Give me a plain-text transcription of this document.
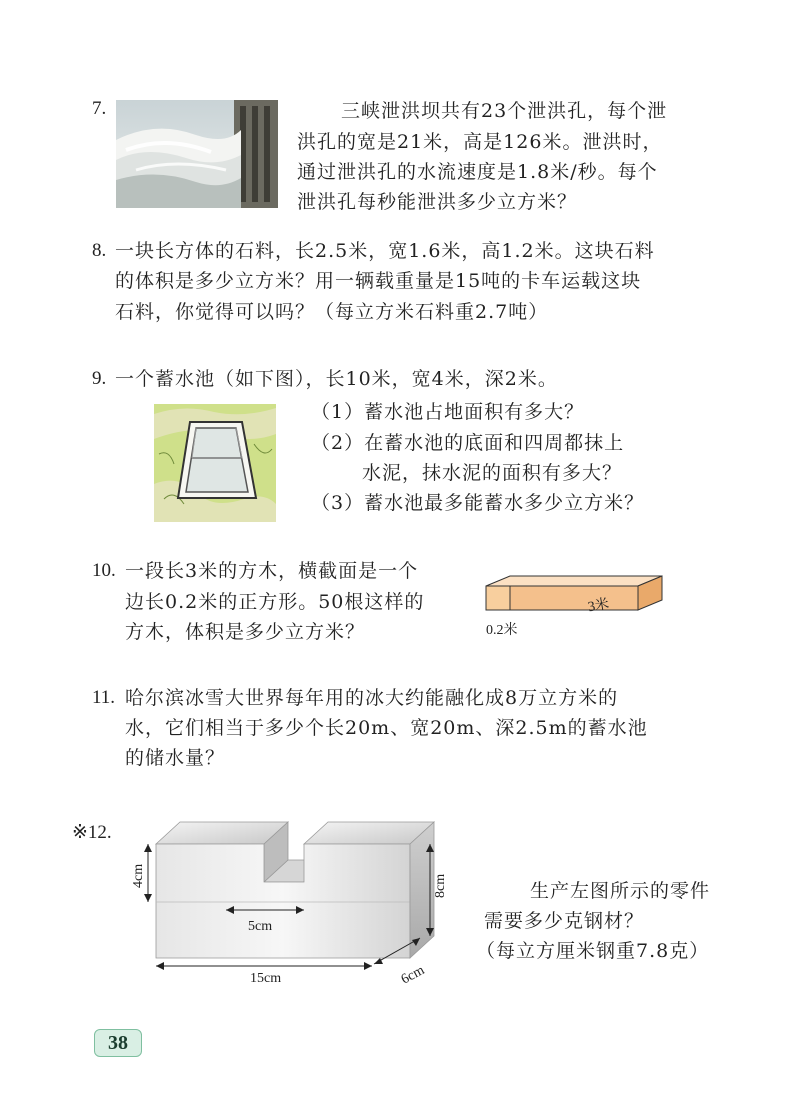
7.	三峡泄洪坝共有23个泄洪孔，每个泄
洪孔的宽是21米，高是126米。泄洪时，
通过泄洪孔的水流速度是1.8米/秒。每个
泄洪孔每秒能泄洪多少立方米？
8. 一块长方体的石料，长2.5米，宽1.6米，高1.2米。这块石料
的体积是多少立方米？用一辆载重量是15吨的卡车运载这块
石料，你觉得可以吗？（每立方米石料重2.7吨）
9. 一个蓄水池（如下图），长10米，宽4米，深2米。
（1）蓄水池占地面积有多大？
（2）在蓄水池的底面和四周都抹上
水泥，抹水泥的面积有多大？
（3）蓄水池最多能蓄水多少立方米？
10. 一段长3米的方木，横截面是一个
边长0.2米的正方形。50根这样的
方木，体积是多少立方米？
3米
0.2米
11. 哈尔滨冰雪大世界每年用的冰大约能融化成8万立方米的
水，它们相当于多少个长20m、宽20m、深2.5m的蓄水池
的储水量？
※12.
4cm
5cm
8cm
15cm	6cm
生产左图所示的零件
需要多少克钢材？
（每立方厘米钢重7.8克）
38
